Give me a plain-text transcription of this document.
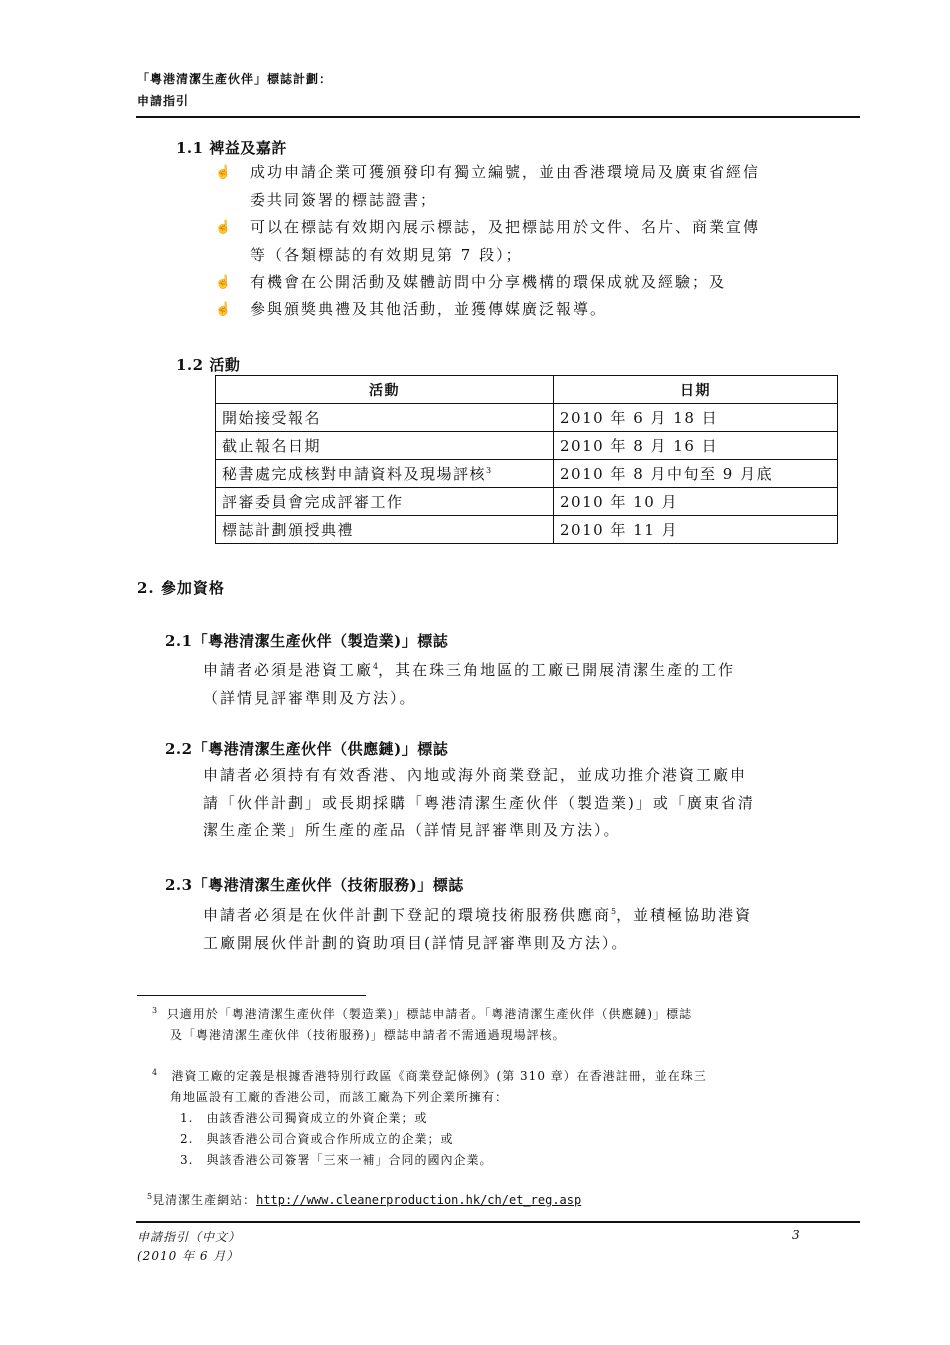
「粵港清潔生產伙伴」標誌計劃：
申請指引
1.1 裨益及嘉許
☝ 成功申請企業可獲頒發印有獨立編號，並由香港環境局及廣東省經信
委共同簽署的標誌證書；
☝ 可以在標誌有效期內展示標誌，及把標誌用於文件、名片、商業宣傳
等（各類標誌的有效期見第 7 段）；
☝ 有機會在公開活動及媒體訪問中分享機構的環保成就及經驗；及
☝ 參與頒獎典禮及其他活動，並獲傳媒廣泛報導。
1.2 活動
活動	日期
開始接受報名	2010 年 6 月 18 日
截止報名日期	2010 年 8 月 16 日
秘書處完成核對申請資料及現場評核$^3$	2010 年 8 月中旬至 9 月底
評審委員會完成評審工作	2010 年 10 月
標誌計劃頒授典禮	2010 年 11 月
2. 參加資格
2.1「粵港清潔生產伙伴（製造業)」標誌
申請者必須是港資工廠$^4$，其在珠三角地區的工廠已開展清潔生產的工作
（詳情見評審準則及方法）。
2.2「粵港清潔生產伙伴（供應鏈)」標誌
申請者必須持有有效香港、內地或海外商業登記，並成功推介港資工廠申
請「伙伴計劃」或長期採購「粵港清潔生產伙伴（製造業)」或「廣東省清
潔生產企業」所生產的產品（詳情見評審準則及方法）。
2.3「粵港清潔生產伙伴（技術服務)」標誌
申請者必須是在伙伴計劃下登記的環境技術服務供應商$^5$，並積極協助港資
工廠開展伙伴計劃的資助項目(詳情見評審準則及方法）。
$^3$ 只適用於「粵港清潔生產伙伴（製造業)」標誌申請者。「粵港清潔生產伙伴（供應鏈)」標誌
及「粵港清潔生產伙伴（技術服務)」標誌申請者不需通過現場評核。
$^4$ 港資工廠的定義是根據香港特別行政區《商業登記條例》(第 310 章）在香港註冊，並在珠三
角地區設有工廠的香港公司，而該工廠為下列企業所擁有：
1.　由該香港公司獨資成立的外資企業；或
2.　與該香港公司合資或合作所成立的企業；或
3.　與該香港公司簽署「三來一補」合同的國內企業。
$^5$見清潔生產網站：http://www.cleanerproduction.hk/ch/et_reg.asp
申請指引（中文）
(2010 年 6 月）
3
